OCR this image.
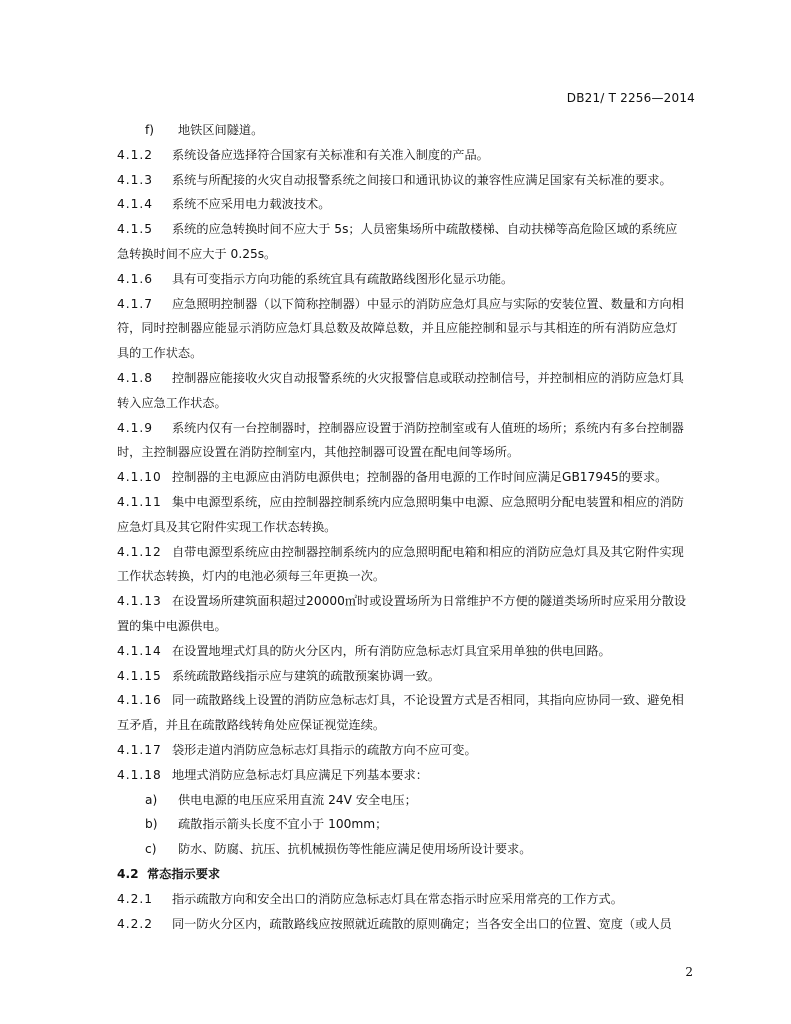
DB21/ T 2256—2014

f) 地铁区间隧道。

4.1.2 系统设备应选择符合国家有关标准和有关准入制度的产品。

4.1.3 系统与所配接的火灾自动报警系统之间接口和通讯协议的兼容性应满足国家有关标准的要求。

4.1.4 系统不应采用电力载波技术。

4.1.5 系统的应急转换时间不应大于 5s；人员密集场所中疏散楼梯、自动扶梯等高危险区域的系统应急转换时间不应大于 0.25s。

4.1.6 具有可变指示方向功能的系统宜具有疏散路线图形化显示功能。

4.1.7 应急照明控制器（以下简称控制器）中显示的消防应急灯具应与实际的安装位置、数量和方向相符，同时控制器应能显示消防应急灯具总数及故障总数，并且应能控制和显示与其相连的所有消防应急灯具的工作状态。

4.1.8 控制器应能接收火灾自动报警系统的火灾报警信息或联动控制信号，并控制相应的消防应急灯具转入应急工作状态。

4.1.9 系统内仅有一台控制器时，控制器应设置于消防控制室或有人值班的场所；系统内有多台控制器时，主控制器应设置在消防控制室内，其他控制器可设置在配电间等场所。

4.1.10 控制器的主电源应由消防电源供电；控制器的备用电源的工作时间应满足GB17945的要求。

4.1.11 集中电源型系统，应由控制器控制系统内应急照明集中电源、应急照明分配电装置和相应的消防应急灯具及其它附件实现工作状态转换。

4.1.12 自带电源型系统应由控制器控制系统内的应急照明配电箱和相应的消防应急灯具及其它附件实现工作状态转换，灯内的电池必须每三年更换一次。

4.1.13 在设置场所建筑面积超过20000㎡时或设置场所为日常维护不方便的隧道类场所时应采用分散设置的集中电源供电。

4.1.14 在设置地埋式灯具的防火分区内，所有消防应急标志灯具宜采用单独的供电回路。

4.1.15 系统疏散路线指示应与建筑的疏散预案协调一致。

4.1.16 同一疏散路线上设置的消防应急标志灯具，不论设置方式是否相同，其指向应协同一致、避免相互矛盾，并且在疏散路线转角处应保证视觉连续。

4.1.17 袋形走道内消防应急标志灯具指示的疏散方向不应可变。

4.1.18 地埋式消防应急标志灯具应满足下列基本要求：

a) 供电电源的电压应采用直流 24V 安全电压；

b) 疏散指示箭头长度不宜小于 100mm；

c) 防水、防腐、抗压、抗机械损伤等性能应满足使用场所设计要求。

4.2 常态指示要求

4.2.1 指示疏散方向和安全出口的消防应急标志灯具在常态指示时应采用常亮的工作方式。

4.2.2 同一防火分区内，疏散路线应按照就近疏散的原则确定；当各安全出口的位置、宽度（或人员

2
